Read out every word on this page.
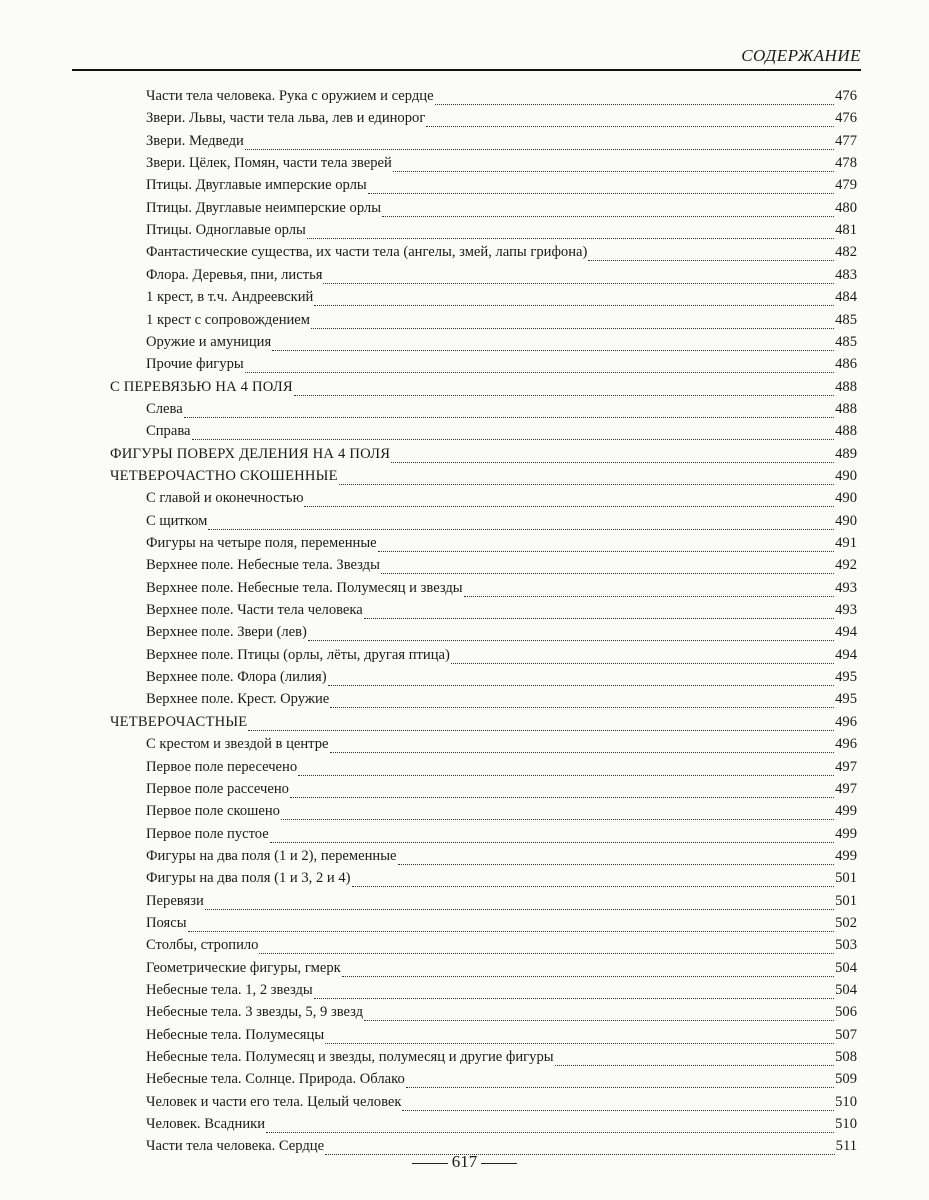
СОДЕРЖАНИЕ
Части тела человека. Рука с оружием и сердце	476
Звери. Львы, части тела льва, лев и единорог	476
Звери. Медведи	477
Звери. Цёлек, Помян, части тела зверей	478
Птицы. Двуглавые имперские орлы	479
Птицы. Двуглавые неимперские орлы	480
Птицы. Одноглавые орлы	481
Фантастические существа, их части тела (ангелы, змей, лапы грифона)	482
Флора. Деревья, пни, листья	483
1 крест, в т.ч. Андреевский	484
1 крест с сопровождением	485
Оружие и амуниция	485
Прочие фигуры	486
С ПЕРЕВЯЗЬЮ НА 4 ПОЛЯ	488
Слева	488
Справа	488
ФИГУРЫ ПОВЕРХ ДЕЛЕНИЯ НА 4 ПОЛЯ	489
ЧЕТВЕРОЧАСТНО СКОШЕННЫЕ	490
С главой и оконечностью	490
С щитком	490
Фигуры на четыре поля, переменные	491
Верхнее поле. Небесные тела. Звезды	492
Верхнее поле. Небесные тела. Полумесяц и звезды	493
Верхнее поле. Части тела человека	493
Верхнее поле. Звери (лев)	494
Верхнее поле. Птицы (орлы, лёты, другая птица)	494
Верхнее поле. Флора (лилия)	495
Верхнее поле. Крест. Оружие	495
ЧЕТВЕРОЧАСТНЫЕ	496
С крестом и звездой в центре	496
Первое поле пересечено	497
Первое поле рассечено	497
Первое поле скошено	499
Первое поле пустое	499
Фигуры на два поля (1 и 2), переменные	499
Фигуры на два поля (1 и 3, 2 и 4)	501
Перевязи	501
Поясы	502
Столбы, стропило	503
Геометрические фигуры, гмерк	504
Небесные тела. 1, 2 звезды	504
Небесные тела. 3 звезды, 5, 9 звезд	506
Небесные тела. Полумесяцы	507
Небесные тела. Полумесяц и звезды, полумесяц и другие фигуры	508
Небесные тела. Солнце. Природа. Облако	509
Человек и части его тела. Целый человек	510
Человек. Всадники	510
Части тела человека. Сердце	511
617
